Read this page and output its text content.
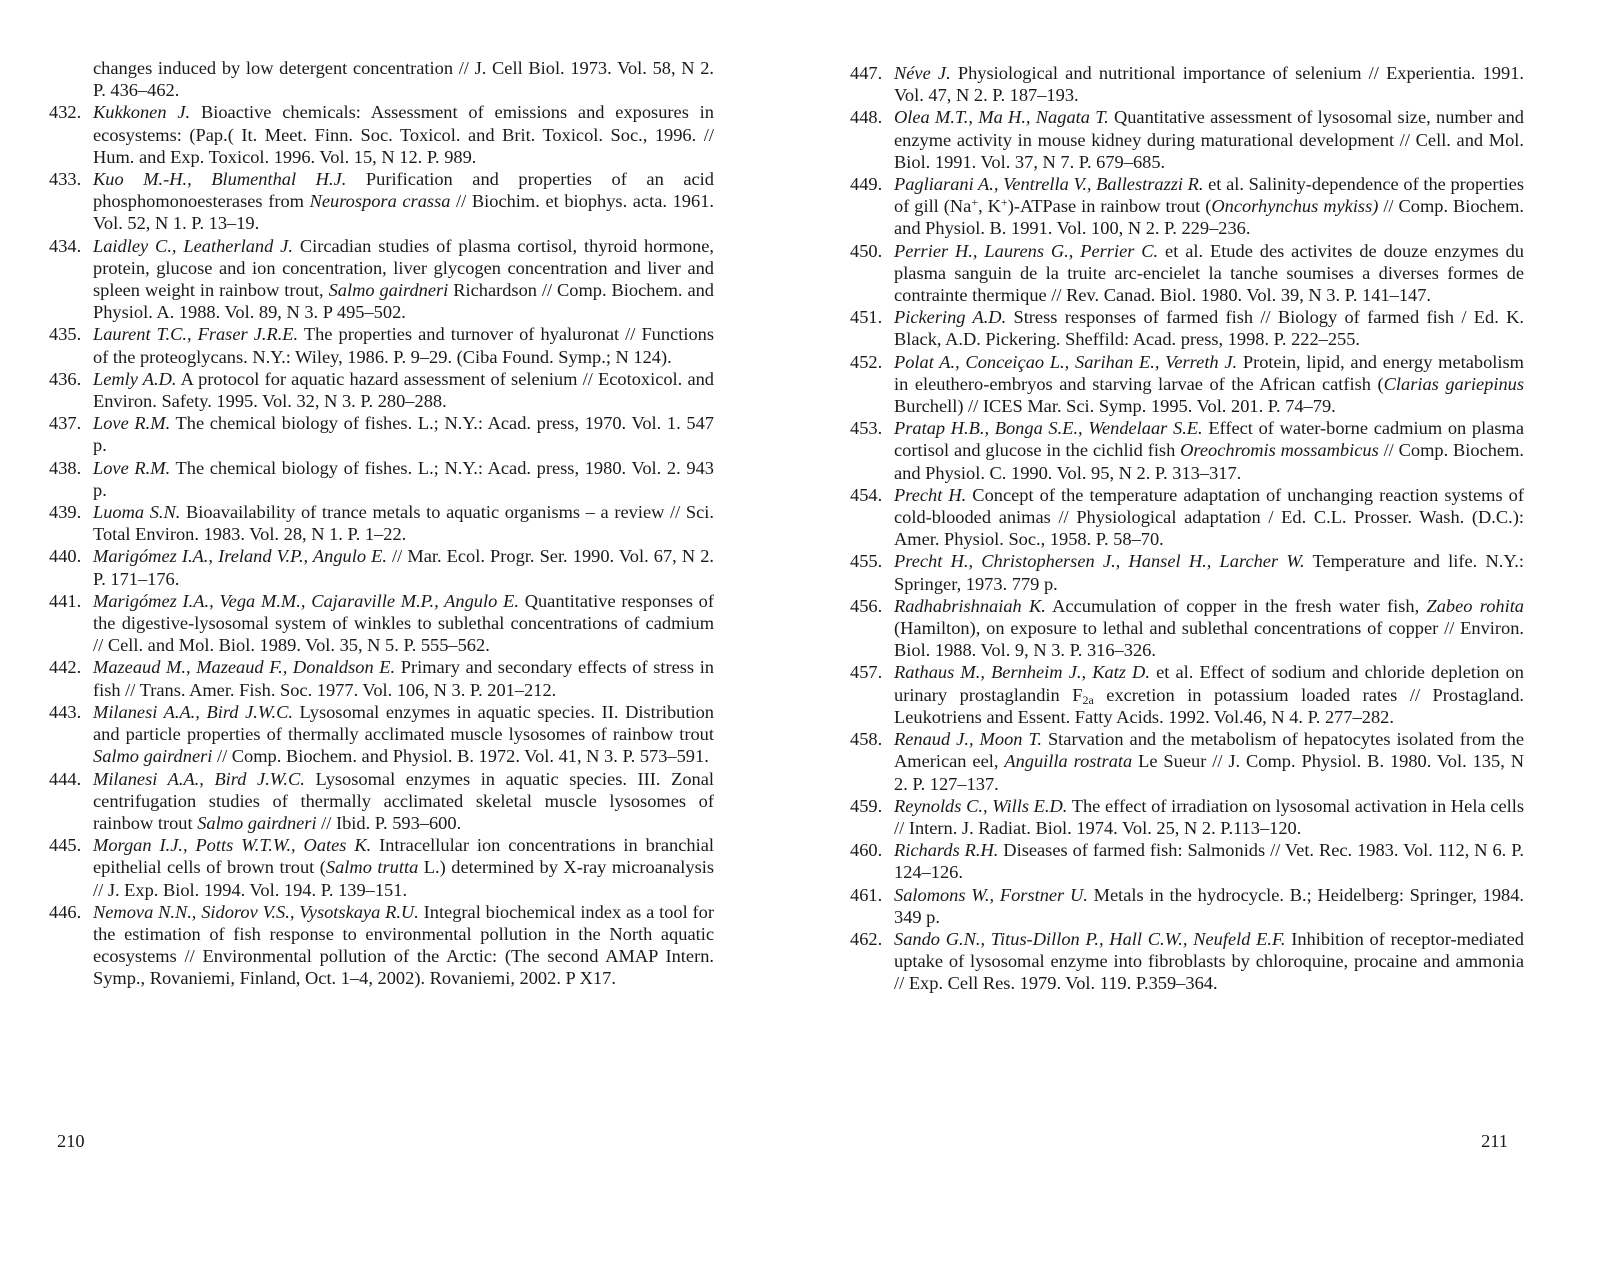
changes induced by low detergent concentration // J. Cell Biol. 1973. Vol. 58, N 2. P. 436–462.

432. Kukkonen J. Bioactive chemicals: Assessment of emissions and exposures in ecosystems: (Pap.( It. Meet. Finn. Soc. Toxicol. and Brit. Toxicol. Soc., 1996. // Hum. and Exp. Toxicol. 1996. Vol. 15, N 12. P. 989.

433. Kuo M.-H., Blumenthal H.J. Purification and properties of an acid phosphomonoesterases from Neurospora crassa // Biochim. et biophys. acta. 1961. Vol. 52, N 1. P. 13–19.

434. Laidley C., Leatherland J. Circadian studies of plasma cortisol, thyroid hormone, protein, glucose and ion concentration, liver glycogen concentration and liver and spleen weight in rainbow trout, Salmo gairdneri Richardson // Comp. Biochem. and Physiol. A. 1988. Vol. 89, N 3. P 495–502.

435. Laurent T.C., Fraser J.R.E. The properties and turnover of hyaluronat // Functions of the proteoglycans. N.Y.: Wiley, 1986. P. 9–29. (Ciba Found. Symp.; N 124).

436. Lemly A.D. A protocol for aquatic hazard assessment of selenium // Ecotoxicol. and Environ. Safety. 1995. Vol. 32, N 3. P. 280–288.

437. Love R.M. The chemical biology of fishes. L.; N.Y.: Acad. press, 1970. Vol. 1. 547 p.

438. Love R.M. The chemical biology of fishes. L.; N.Y.: Acad. press, 1980. Vol. 2. 943 p.

439. Luoma S.N. Bioavailability of trance metals to aquatic organisms – a review // Sci. Total Environ. 1983. Vol. 28, N 1. P. 1–22.

440. Marigómez I.A., Ireland V.P., Angulo E. // Mar. Ecol. Progr. Ser. 1990. Vol. 67, N 2. P. 171–176.

441. Marigómez I.A., Vega M.M., Cajaraville M.P., Angulo E. Quantitative responses of the digestive-lysosomal system of winkles to sublethal concentrations of cadmium // Cell. and Mol. Biol. 1989. Vol. 35, N 5. P. 555–562.

442. Mazeaud M., Mazeaud F., Donaldson E. Primary and secondary effects of stress in fish // Trans. Amer. Fish. Soc. 1977. Vol. 106, N 3. P. 201–212.

443. Milanesi A.A., Bird J.W.C. Lysosomal enzymes in aquatic species. II. Distribution and particle properties of thermally acclimated muscle lysosomes of rainbow trout Salmo gairdneri // Comp. Biochem. and Physiol. B. 1972. Vol. 41, N 3. P. 573–591.

444. Milanesi A.A., Bird J.W.C. Lysosomal enzymes in aquatic species. III. Zonal centrifugation studies of thermally acclimated skeletal muscle lysosomes of rainbow trout Salmo gairdneri // Ibid. P. 593–600.

445. Morgan I.J., Potts W.T.W., Oates K. Intracellular ion concentrations in branchial epithelial cells of brown trout (Salmo trutta L.) determined by X-ray microanalysis // J. Exp. Biol. 1994. Vol. 194. P. 139–151.

446. Nemova N.N., Sidorov V.S., Vysotskaya R.U. Integral biochemical index as a tool for the estimation of fish response to environmental pollution in the North aquatic ecosystems // Environmental pollution of the Arctic: (The second AMAP Intern. Symp., Rovaniemi, Finland, Oct. 1–4, 2002). Rovaniemi, 2002. P X17.

210

447. Néve J. Physiological and nutritional importance of selenium // Experientia. 1991. Vol. 47, N 2. P. 187–193.

448. Olea M.T., Ma H., Nagata T. Quantitative assessment of lysosomal size, number and enzyme activity in mouse kidney during maturational development // Cell. and Mol. Biol. 1991. Vol. 37, N 7. P. 679–685.

449. Pagliarani A., Ventrella V., Ballestrazzi R. et al. Salinity-dependence of the properties of gill (Na+, K+)-ATPase in rainbow trout (Oncorhynchus mykiss) // Comp. Biochem. and Physiol. B. 1991. Vol. 100, N 2. P. 229–236.

450. Perrier H., Laurens G., Perrier C. et al. Etude des activites de douze enzymes du plasma sanguin de la truite arc-encielet la tanche soumises a diverses formes de contrainte thermique // Rev. Canad. Biol. 1980. Vol. 39, N 3. P. 141–147.

451. Pickering A.D. Stress responses of farmed fish // Biology of farmed fish / Ed. K. Black, A.D. Pickering. Sheffild: Acad. press, 1998. P. 222–255.

452. Polat A., Conceiçao L., Sarihan E., Verreth J. Protein, lipid, and energy metabolism in eleuthero-embryos and starving larvae of the African catfish (Clarias gariepinus Burchell) // ICES Mar. Sci. Symp. 1995. Vol. 201. P. 74–79.

453. Pratap H.B., Bonga S.E., Wendelaar S.E. Effect of water-borne cadmium on plasma cortisol and glucose in the cichlid fish Oreochromis mossambicus // Comp. Biochem. and Physiol. C. 1990. Vol. 95, N 2. P. 313–317.

454. Precht H. Concept of the temperature adaptation of unchanging reaction systems of cold-blooded animas // Physiological adaptation / Ed. C.L. Prosser. Wash. (D.C.): Amer. Physiol. Soc., 1958. P. 58–70.

455. Precht H., Christophersen J., Hansel H., Larcher W. Temperature and life. N.Y.: Springer, 1973. 779 p.

456. Radhabrishnaiah K. Accumulation of copper in the fresh water fish, Zabeo rohita (Hamilton), on exposure to lethal and sublethal concentrations of copper // Environ. Biol. 1988. Vol. 9, N 3. P. 316–326.

457. Rathaus M., Bernheim J., Katz D. et al. Effect of sodium and chloride depletion on urinary prostaglandin $F_{2a}$ excretion in potassium loaded rates // Prostagland. Leukotriens and Essent. Fatty Acids. 1992. Vol.46, N 4. P. 277–282.

458. Renaud J., Moon T. Starvation and the metabolism of hepatocytes isolated from the American eel, Anguilla rostrata Le Sueur // J. Comp. Physiol. B. 1980. Vol. 135, N 2. P. 127–137.

459. Reynolds C., Wills E.D. The effect of irradiation on lysosomal activation in Hela cells // Intern. J. Radiat. Biol. 1974. Vol. 25, N 2. P.113–120.

460. Richards R.H. Diseases of farmed fish: Salmonids // Vet. Rec. 1983. Vol. 112, N 6. P. 124–126.

461. Salomons W., Forstner U. Metals in the hydrocycle. B.; Heidelberg: Springer, 1984. 349 p.

462. Sando G.N., Titus-Dillon P., Hall C.W., Neufeld E.F. Inhibition of receptor-mediated uptake of lysosomal enzyme into fibroblasts by chloroquine, procaine and ammonia // Exp. Cell Res. 1979. Vol. 119. P.359–364.

211
